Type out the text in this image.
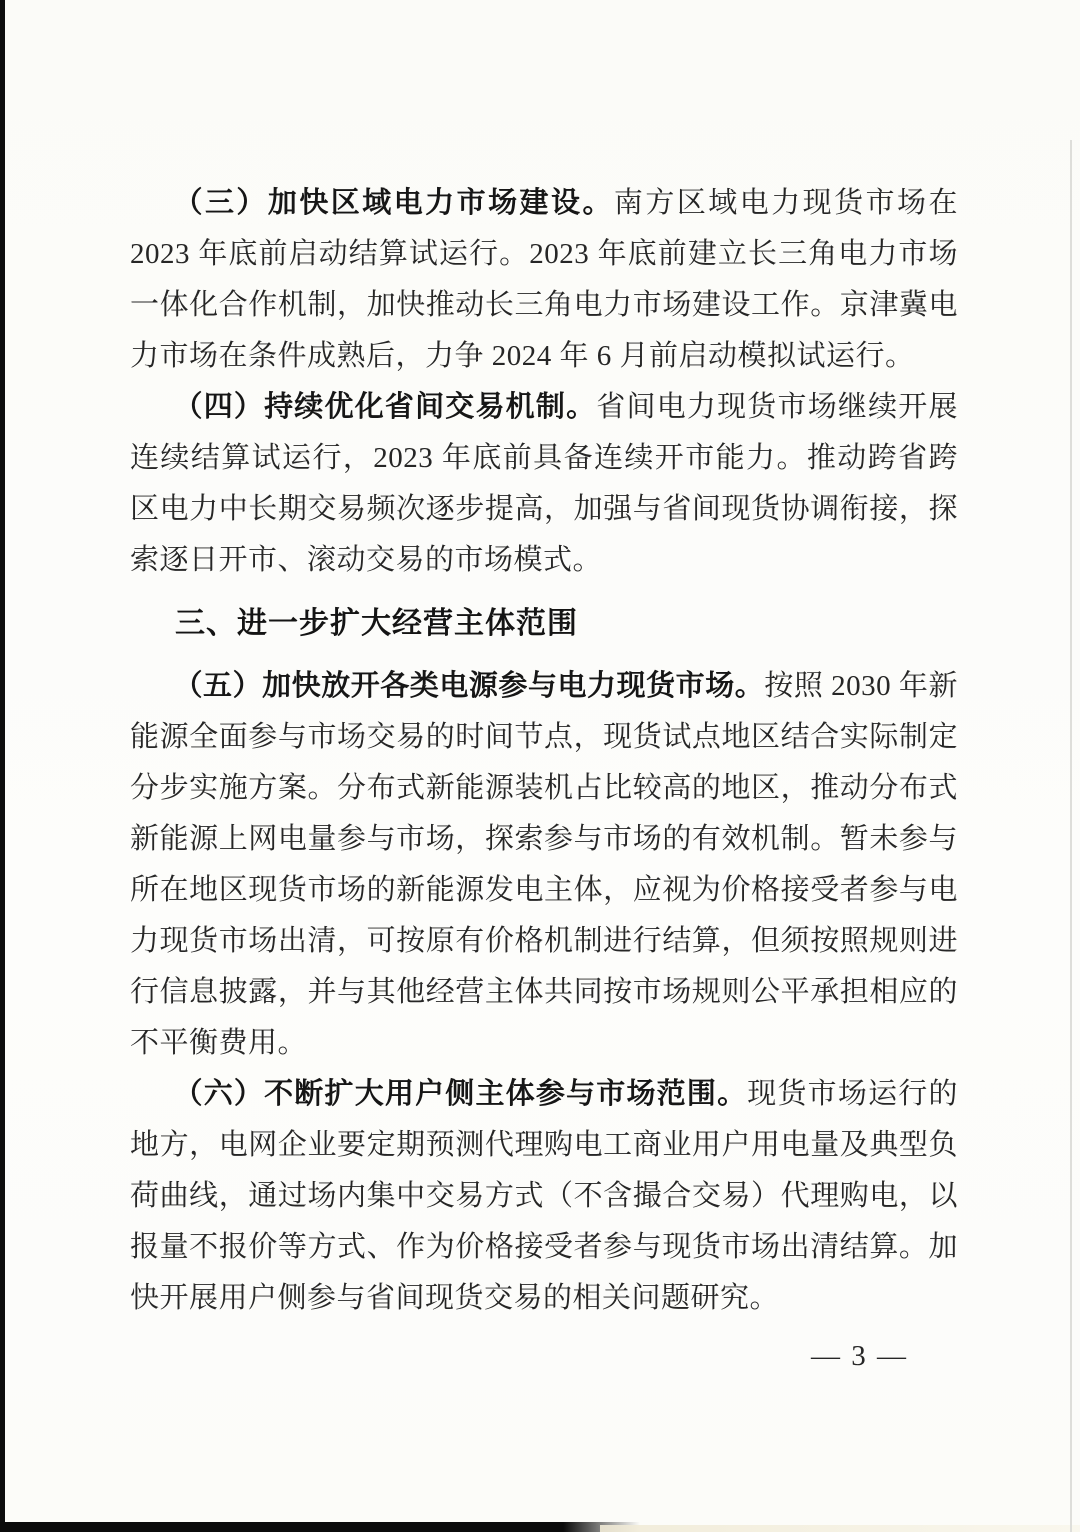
（三）加快区域电力市场建设。南方区域电力现货市场在 2023 年底前启动结算试运行。2023 年底前建立长三角电力市场一体化合作机制，加快推动长三角电力市场建设工作。京津冀电力市场在条件成熟后，力争 2024 年 6 月前启动模拟试运行。

（四）持续优化省间交易机制。省间电力现货市场继续开展连续结算试运行，2023 年底前具备连续开市能力。推动跨省跨区电力中长期交易频次逐步提高，加强与省间现货协调衔接，探索逐日开市、滚动交易的市场模式。

三、进一步扩大经营主体范围

（五）加快放开各类电源参与电力现货市场。按照 2030 年新能源全面参与市场交易的时间节点，现货试点地区结合实际制定分步实施方案。分布式新能源装机占比较高的地区，推动分布式新能源上网电量参与市场，探索参与市场的有效机制。暂未参与所在地区现货市场的新能源发电主体，应视为价格接受者参与电力现货市场出清，可按原有价格机制进行结算，但须按照规则进行信息披露，并与其他经营主体共同按市场规则公平承担相应的不平衡费用。

（六）不断扩大用户侧主体参与市场范围。现货市场运行的地方，电网企业要定期预测代理购电工商业用户用电量及典型负荷曲线，通过场内集中交易方式（不含撮合交易）代理购电，以报量不报价等方式、作为价格接受者参与现货市场出清结算。加快开展用户侧参与省间现货交易的相关问题研究。

— 3 —
